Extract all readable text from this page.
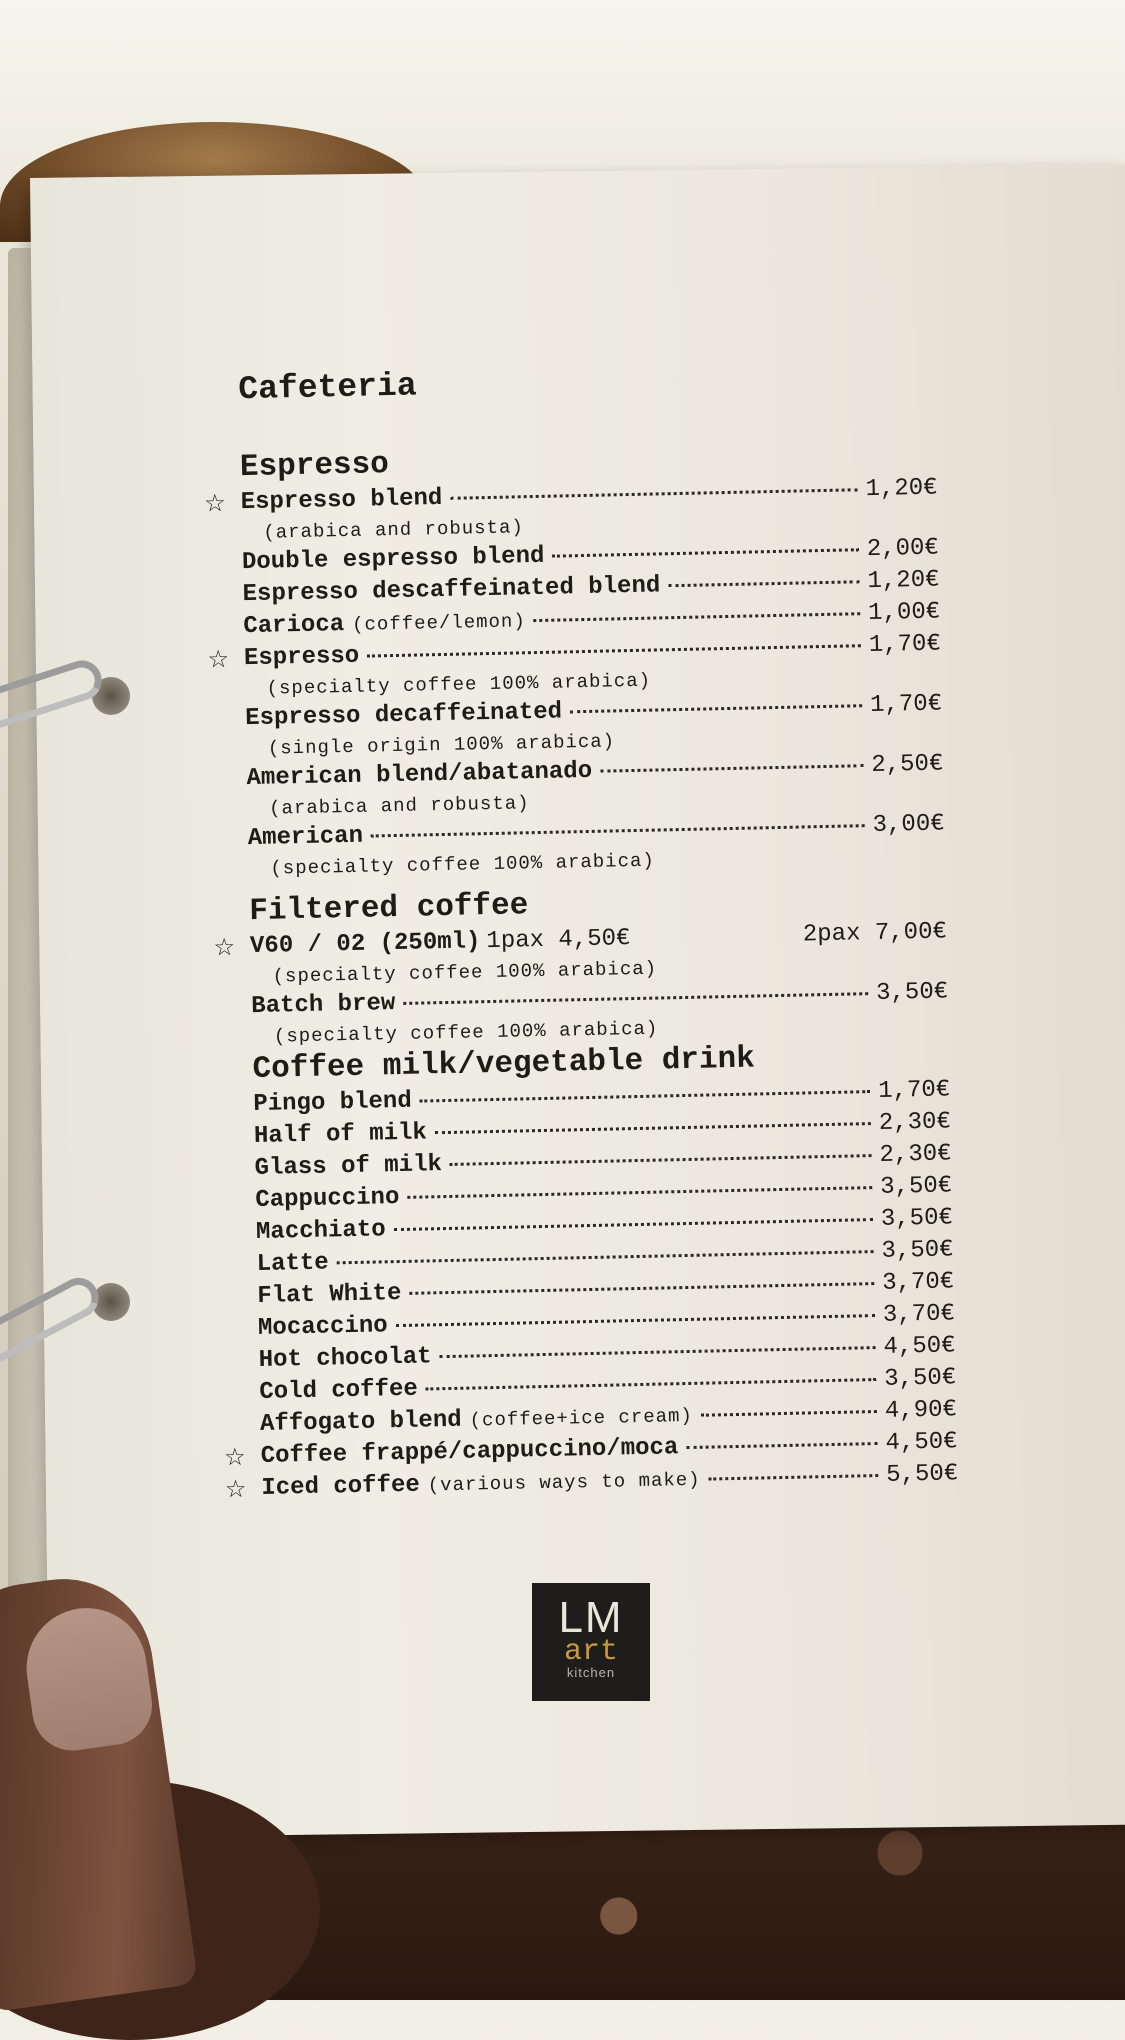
Cafeteria
Espresso
☆ Espresso blend	1,20€
(arabica and robusta)
Double espresso blend	2,00€
Espresso descaffeinated blend	1,20€
Carioca (coffee/lemon)	1,00€
☆ Espresso	1,70€
(specialty coffee 100% arabica)
Espresso decaffeinated	1,70€
(single origin 100% arabica)
American blend/abatanado	2,50€
(arabica and robusta)
American	3,00€
(specialty coffee 100% arabica)
Filtered coffee
☆ V60 / 02 (250ml) 1pax 4,50€	2pax 7,00€
(specialty coffee 100% arabica)
Batch brew	3,50€
(specialty coffee 100% arabica)
Coffee milk/vegetable drink
Pingo blend	1,70€
Half of milk	2,30€
Glass of milk	2,30€
Cappuccino	3,50€
Macchiato	3,50€
Latte	3,50€
Flat White	3,70€
Mocaccino	3,70€
Hot chocolat	4,50€
Cold coffee	3,50€
Affogato blend (coffee+ice cream)	4,90€
☆ Coffee frappé/cappuccino/moca	4,50€
☆ Iced coffee (various ways to make)	5,50€
LM
art
kitchen
